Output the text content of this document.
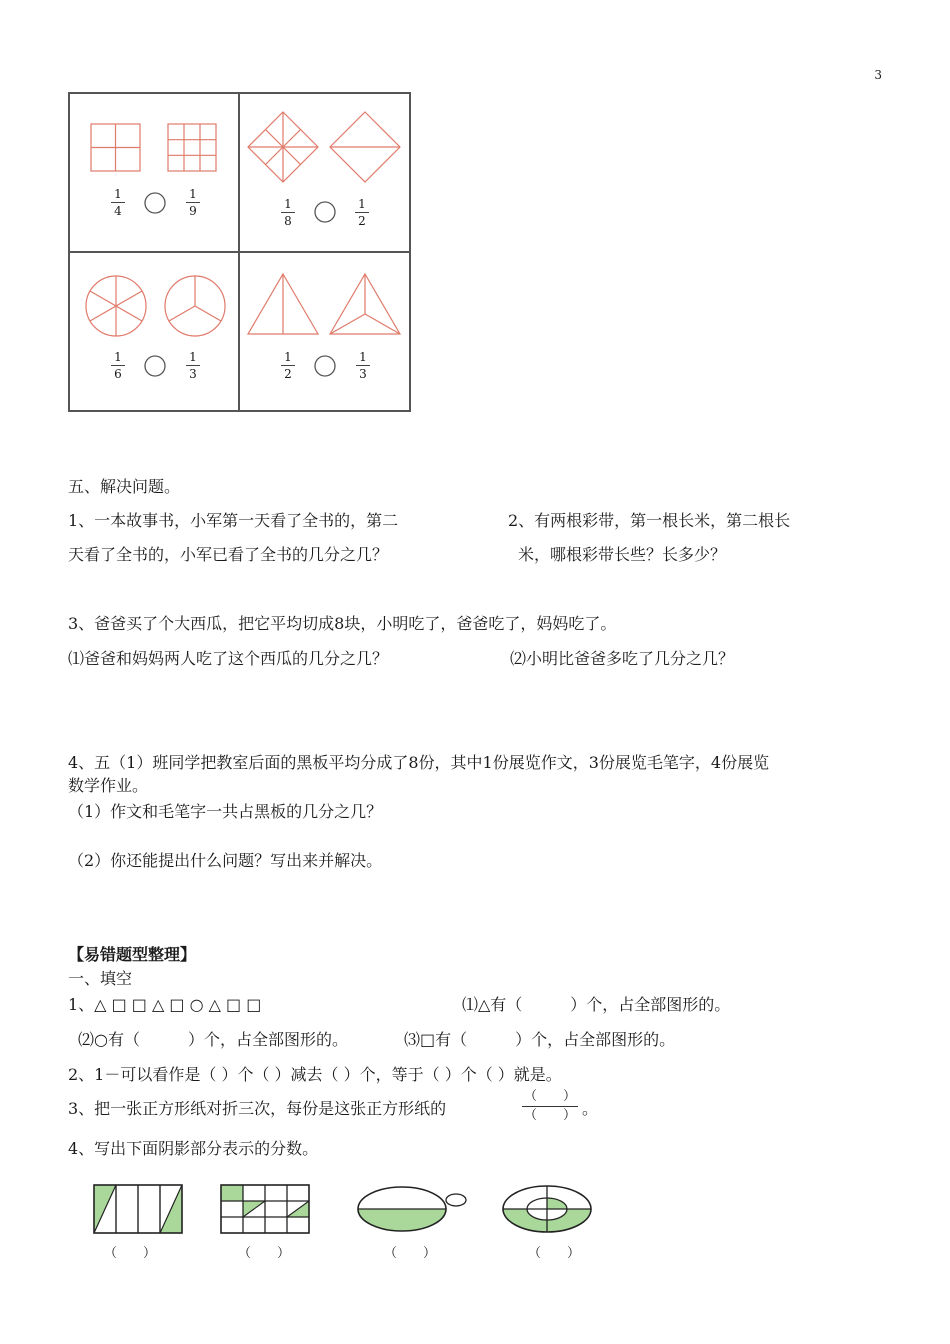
3
1
4
1
9	1
8
1
2
1
6
1
3
1
2
1
3
五、解决问题。
1、一本故事书，小军第一天看了全书的，第二
天看了全书的，小军已看了全书的几分之几？
2、有两根彩带，第一根长米，第二根长
米，哪根彩带长些？长多少？
3、爸爸买了个大西瓜，把它平均切成8块，小明吃了，爸爸吃了，妈妈吃了。
⑴爸爸和妈妈两人吃了这个西瓜的几分之几？	⑵小明比爸爸多吃了几分之几？
4、五（1）班同学把教室后面的黑板平均分成了8份，其中1份展览作文，3份展览毛笔字，4份展览
数学作业。
（1）作文和毛笔字一共占黑板的几分之几？
（2）你还能提出什么问题？写出来并解决。
【易错题型整理】
一、填空
1、△ □ □ △ □ ○ △ □ □	⑴△有（　　　）个，占全部图形的。
⑵○有（　　　）个，占全部图形的。	⑶□有（　　　）个，占全部图形的。
2、1－可以看作是（ ）个（ ）减去（ ）个，等于（ ）个（ ）就是。
3、把一张正方形纸对折三次，每份是这张正方形纸的
（　　）
（　　） 。
4、写出下面阴影部分表示的分数。
（　　）	（　　）	（　　）	（　　）
